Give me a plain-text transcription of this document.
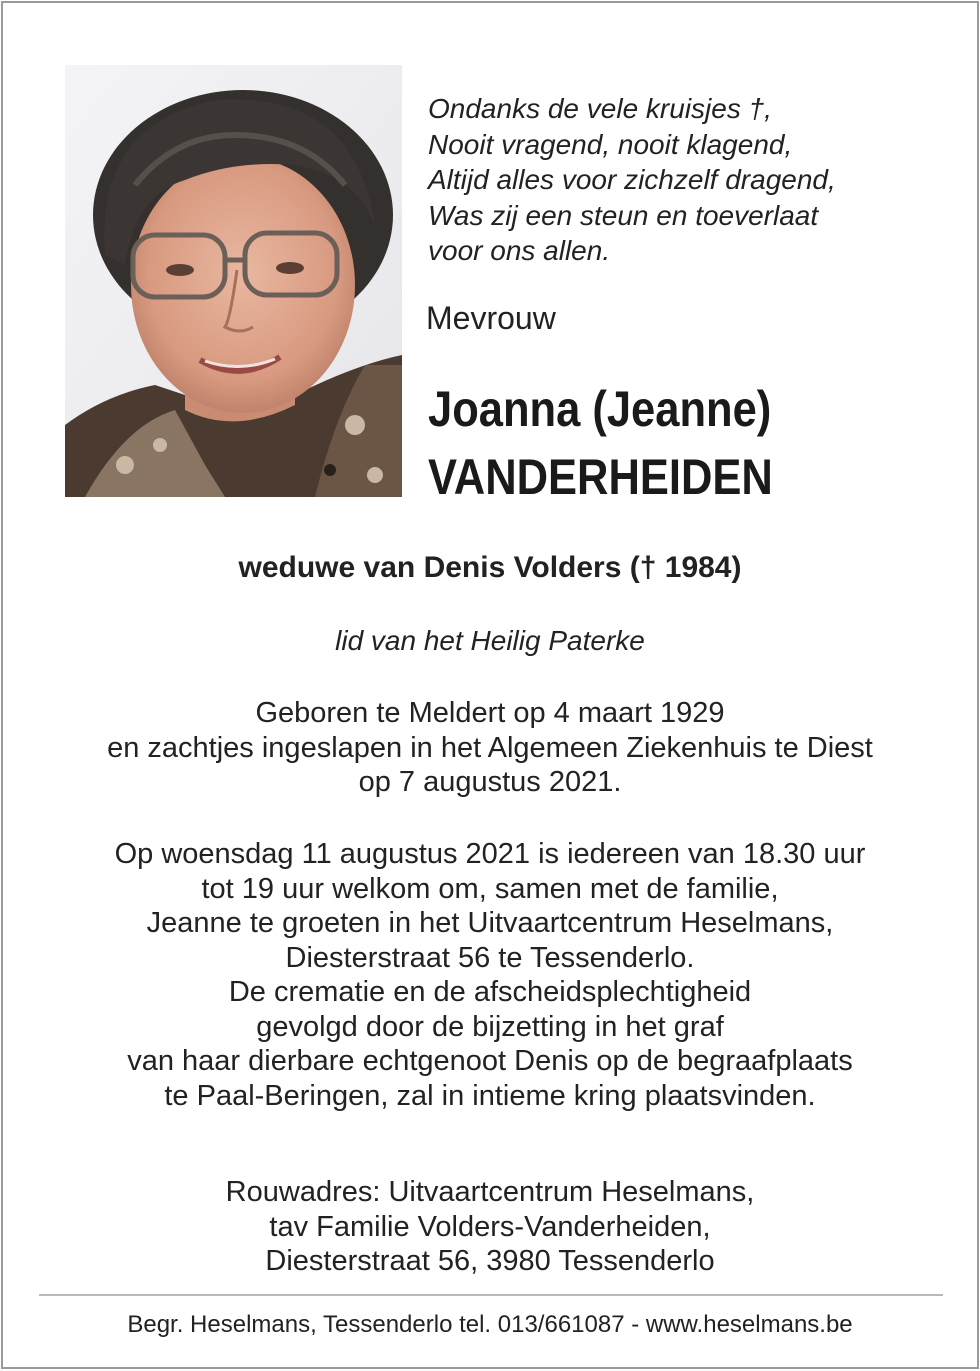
Ondanks de vele kruisjes †,
Nooit vragend, nooit klagend,
Altijd alles voor zichzelf dragend,
Was zij een steun en toeverlaat
voor ons allen.
Mevrouw
Joanna (Jeanne)
VANDERHEIDEN
weduwe van Denis Volders († 1984)
lid van het Heilig Paterke
Geboren te Meldert op 4 maart 1929
en zachtjes ingeslapen in het Algemeen Ziekenhuis te Diest
op 7 augustus 2021.
Op woensdag 11 augustus 2021 is iedereen van 18.30 uur
tot 19 uur welkom om, samen met de familie,
Jeanne te groeten in het Uitvaartcentrum Heselmans,
Diesterstraat 56 te Tessenderlo.
De crematie en de afscheidsplechtigheid
gevolgd door de bijzetting in het graf
van haar dierbare echtgenoot Denis op de begraafplaats
te Paal-Beringen, zal in intieme kring plaatsvinden.
Rouwadres: Uitvaartcentrum Heselmans,
tav Familie Volders-Vanderheiden,
Diesterstraat 56, 3980 Tessenderlo
Begr. Heselmans, Tessenderlo tel. 013/661087 - www.heselmans.be
